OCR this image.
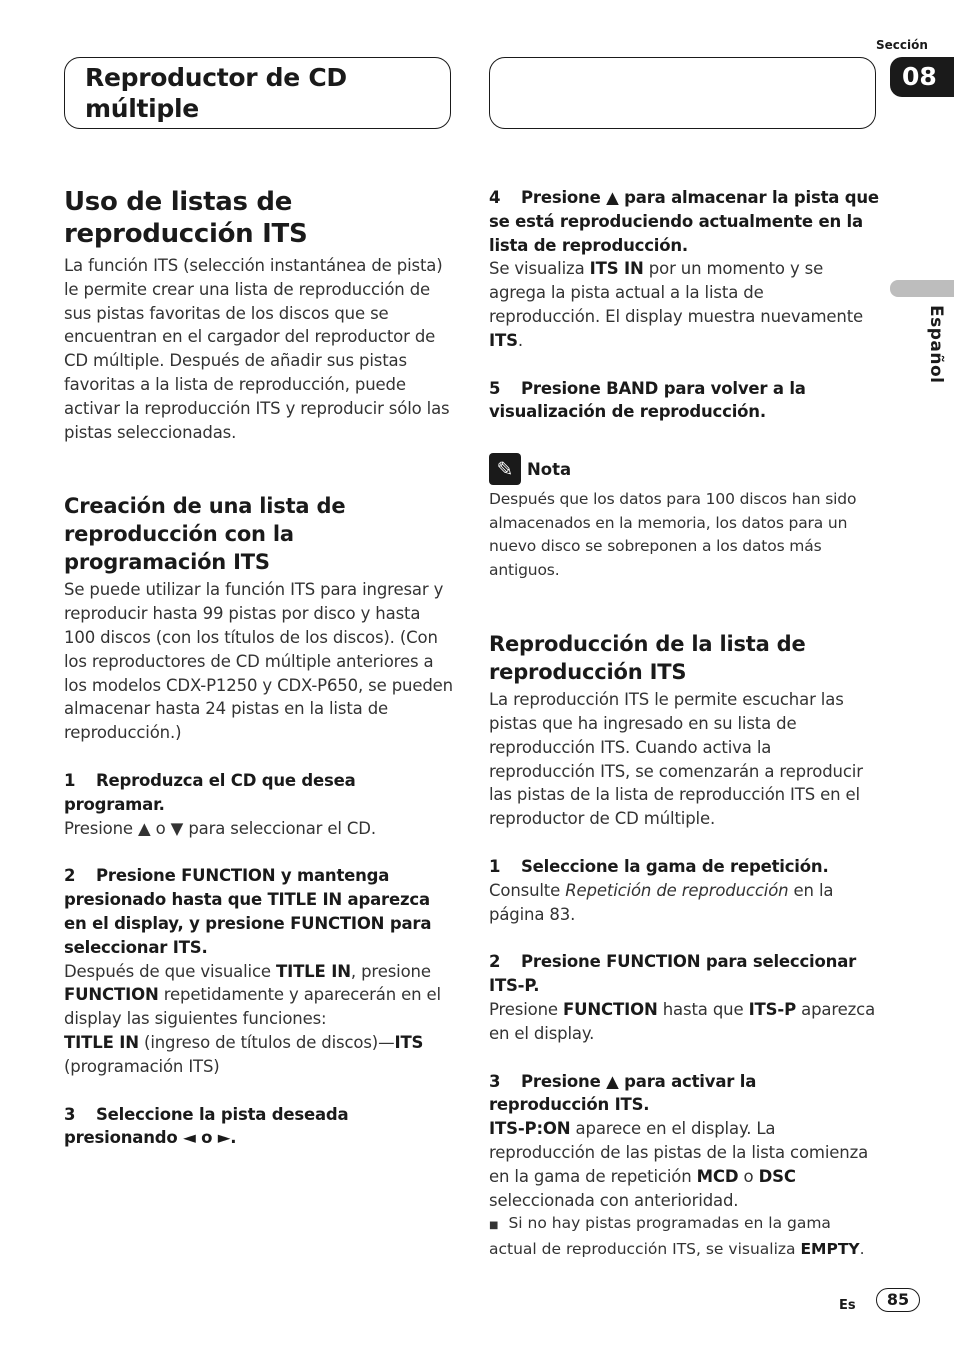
Reproductor de CD múltiple
Sección
08
Español
Uso de listas de reproducción ITS

La función ITS (selección instantánea de pista) le permite crear una lista de reproducción de sus pistas favoritas de los discos que se encuentran en el cargador del reproductor de CD múltiple. Después de añadir sus pistas favoritas a la lista de reproducción, puede activar la reproducción ITS y reproducir sólo las pistas seleccionadas.

Creación de una lista de reproducción con la programación ITS

Se puede utilizar la función ITS para ingresar y reproducir hasta 99 pistas por disco y hasta 100 discos (con los títulos de los discos). (Con los reproductores de CD múltiple anteriores a los modelos CDX-P1250 y CDX-P650, se pueden almacenar hasta 24 pistas en la lista de reproducción.)

1 Reproduzca el CD que desea programar.

Presione ▲ o ▼ para seleccionar el CD.

2 Presione FUNCTION y mantenga presionado hasta que TITLE IN aparezca en el display, y presione FUNCTION para seleccionar ITS.

Después de que visualice TITLE IN, presione FUNCTION repetidamente y aparecerán en el display las siguientes funciones:
TITLE IN (ingreso de títulos de discos)—ITS (programación ITS)

3 Seleccione la pista deseada presionando ◄ o ►.
4 Presione ▲ para almacenar la pista que se está reproduciendo actualmente en la lista de reproducción.

Se visualiza ITS IN por un momento y se agrega la pista actual a la lista de reproducción. El display muestra nuevamente ITS.

5 Presione BAND para volver a la visualización de reproducción.
✎ Nota

Después que los datos para 100 discos han sido almacenados en la memoria, los datos para un nuevo disco se sobreponen a los datos más antiguos.

Reproducción de la lista de reproducción ITS

La reproducción ITS le permite escuchar las pistas que ha ingresado en su lista de reproducción ITS. Cuando activa la reproducción ITS, se comenzarán a reproducir las pistas de la lista de reproducción ITS en el reproductor de CD múltiple.

1 Seleccione la gama de repetición.

Consulte Repetición de reproducción en la página 83.

2 Presione FUNCTION para seleccionar ITS-P.

Presione FUNCTION hasta que ITS-P aparezca en el display.

3 Presione ▲ para activar la reproducción ITS.

ITS-P:ON aparece en el display. La reproducción de las pistas de la lista comienza en la gama de repetición MCD o DSC seleccionada con anterioridad.

■ Si no hay pistas programadas en la gama actual de reproducción ITS, se visualiza EMPTY.
Es	85
